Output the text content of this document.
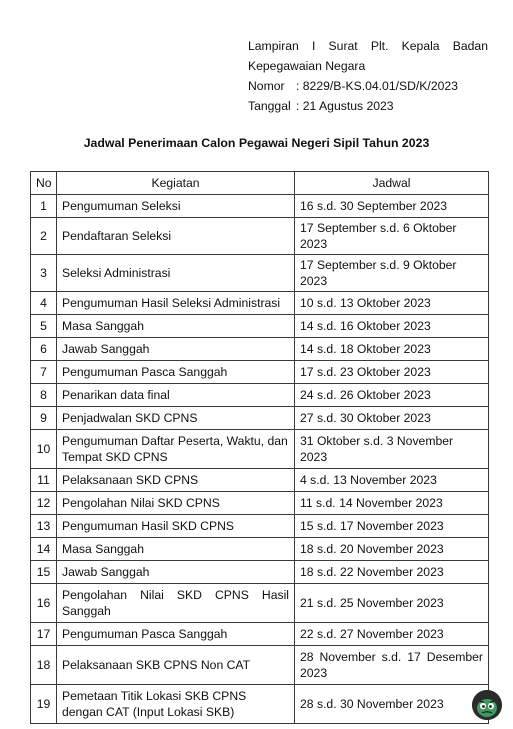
Lampiran I Surat Plt. Kepala Badan
Kepegawaian Negara
Nomor : 8229/B-KS.04.01/SD/K/2023
Tanggal : 21 Agustus 2023
Jadwal Penerimaan Calon Pegawai Negeri Sipil Tahun 2023
No	Kegiatan	Jadwal
1	Pengumuman Seleksi	16 s.d. 30 September 2023
2	Pendaftaran Seleksi	17 September s.d. 6 Oktober 2023
3	Seleksi Administrasi	17 September s.d. 9 Oktober 2023
4	Pengumuman Hasil Seleksi Administrasi	10 s.d. 13 Oktober 2023
5	Masa Sanggah	14 s.d. 16 Oktober 2023
6	Jawab Sanggah	14 s.d. 18 Oktober 2023
7	Pengumuman Pasca Sanggah	17 s.d. 23 Oktober 2023
8	Penarikan data final	24 s.d. 26 Oktober 2023
9	Penjadwalan SKD CPNS	27 s.d. 30 Oktober 2023
10	Pengumuman Daftar Peserta, Waktu, dan Tempat SKD CPNS	31 Oktober s.d. 3 November 2023
11	Pelaksanaan SKD CPNS	4 s.d. 13 November 2023
12	Pengolahan Nilai SKD CPNS	11 s.d. 14 November 2023
13	Pengumuman Hasil SKD CPNS	15 s.d. 17 November 2023
14	Masa Sanggah	18 s.d. 20 November 2023
15	Jawab Sanggah	18 s.d. 22 November 2023
16	Pengolahan Nilai SKD CPNS Hasil Sanggah	21 s.d. 25 November 2023
17	Pengumuman Pasca Sanggah	22 s.d. 27 November 2023
18	Pelaksanaan SKB CPNS Non CAT	28 November s.d. 17 Desember 2023
19	Pemetaan Titik Lokasi SKB CPNS dengan CAT (Input Lokasi SKB)	28 s.d. 30 November 2023
